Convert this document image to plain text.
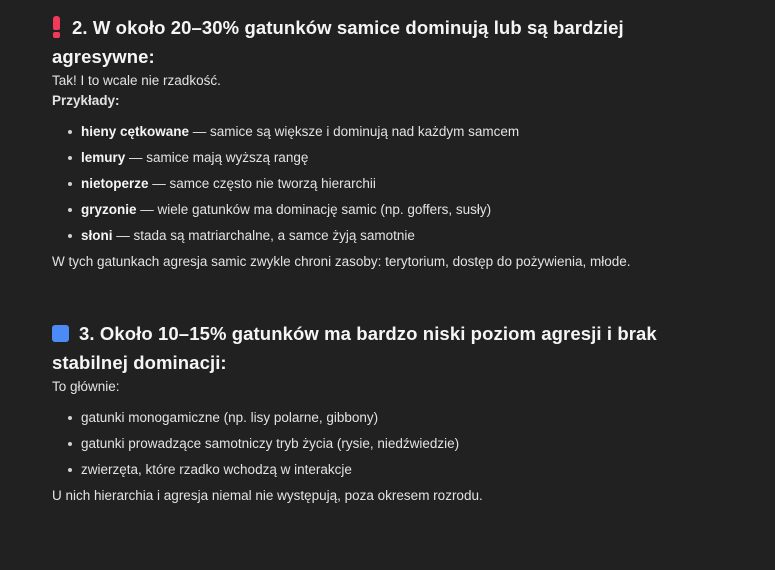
2. W około 20–30% gatunków samice dominują lub są bardziej agresywne:

Tak! I to wcale nie rzadkość.

Przykłady:

hieny cętkowane — samice są większe i dominują nad każdym samcem
lemury — samice mają wyższą rangę
nietoperze — samce często nie tworzą hierarchii
gryzonie — wiele gatunków ma dominację samic (np. goffers, susły)
słoni — stada są matriarchalne, a samce żyją samotnie

W tych gatunkach agresja samic zwykle chroni zasoby: terytorium, dostęp do pożywienia, młode.

3. Około 10–15% gatunków ma bardzo niski poziom agresji i brak stabilnej dominacji:

To głównie:

gatunki monogamiczne (np. lisy polarne, gibbony)
gatunki prowadzące samotniczy tryb życia (rysie, niedźwiedzie)
zwierzęta, które rzadko wchodzą w interakcje

U nich hierarchia i agresja niemal nie występują, poza okresem rozrodu.
